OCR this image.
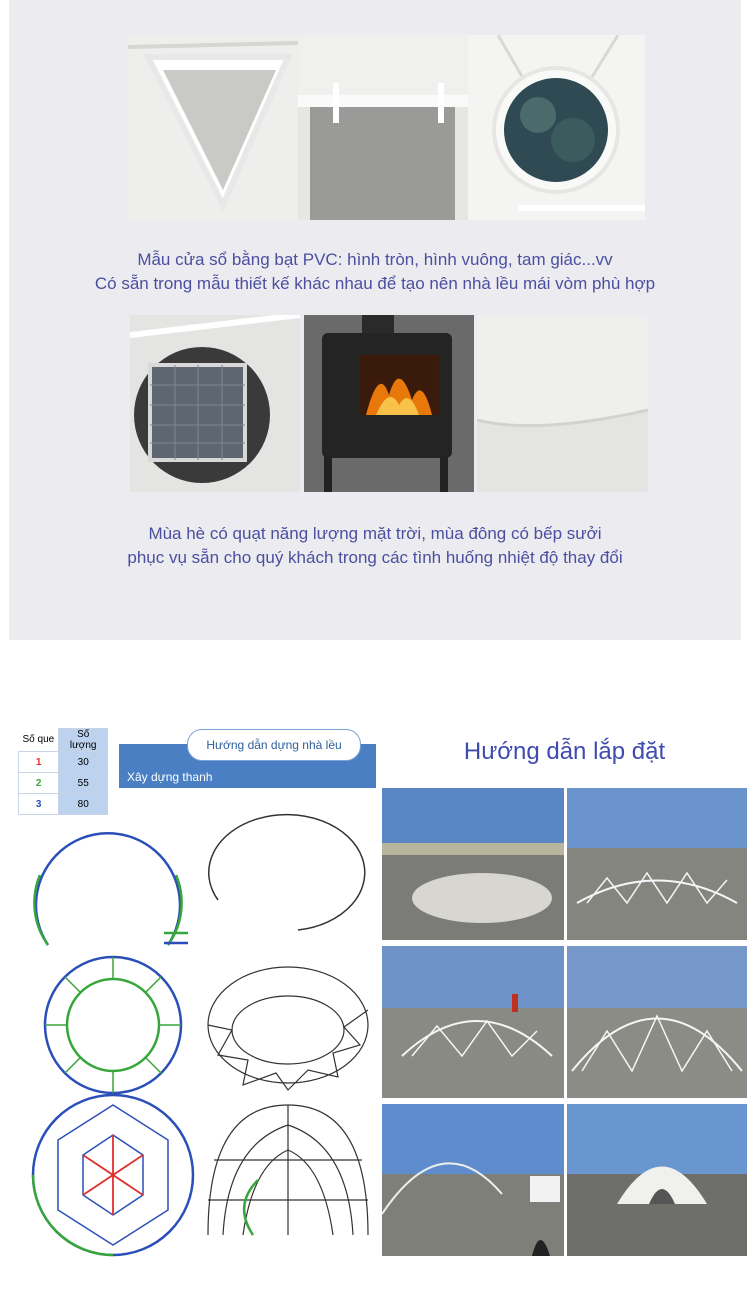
Mẫu cửa sổ bằng bạt PVC: hình tròn, hình vuông, tam giác...vv
Có sẵn trong mẫu thiết kế khác nhau để tạo nên nhà lều mái vòm phù hợp
Mùa hè có quạt năng lượng mặt trời, mùa đông có bếp sưởi
phục vụ sẵn cho quý khách trong các tình huống nhiệt độ thay đổi
Số que	Số lượng
1	30
2	55
3	80
Xây dựng thanh
Hướng dẫn dựng nhà lều	Hướng dẫn lắp đặt
